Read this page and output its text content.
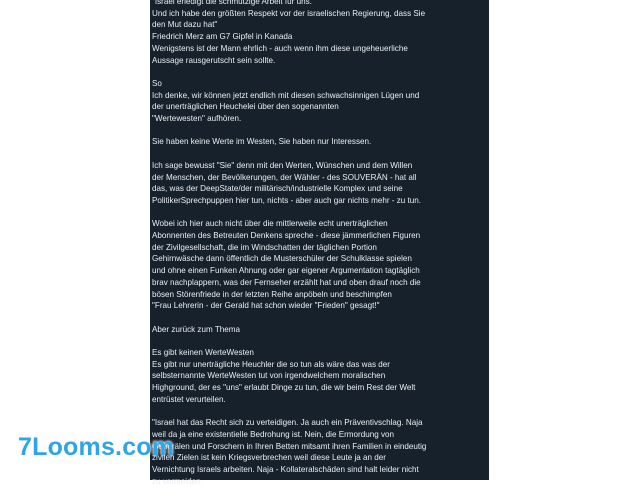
"Israel erledigt die schmutzige Arbeit für uns.
Und ich habe den größten Respekt vor der israelischen Regierung, dass Sie
den Mut dazu hat"
Friedrich Merz am G7 Gipfel in Kanada
Wenigstens ist der Mann ehrlich - auch wenn ihm diese ungeheuerliche
Aussage rausgerutscht sein sollte.

So
Ich denke, wir können jetzt endlich mit diesen schwachsinnigen Lügen und
der unerträglichen Heuchelei über den sogenannten
"Wertewesten" aufhören.

Sie haben keine Werte im Westen, Sie haben nur Interessen.

Ich sage bewusst "Sie" denn mit den Werten, Wünschen und dem Willen
der Menschen, der Bevölkerungen, der Wähler - des SOUVERÄN - hat all
das, was der DeepState/der militärisch/industrielle Komplex und seine
PolitikerSprechpuppen hier tun, nichts - aber auch gar nichts mehr - zu tun.

Wobei ich hier auch nicht über die mittlerweile echt unerträglichen
Abonnenten des Betreuten Denkens spreche - diese jämmerlichen Figuren
der Zivilgesellschaft, die im Windschatten der täglichen Portion
Gehirnwäsche dann öffentlich die Musterschüler der Schulklasse spielen
und ohne einen Funken Ahnung oder gar eigener Argumentation tagtäglich
brav nachplappern, was der Fernseher erzählt hat und oben drauf noch die
bösen Störenfriede in der letzten Reihe anpöbeln und beschimpfen
"Frau Lehrerin - der Gerald hat schon wieder "Frieden" gesagt!"

Aber zurück zum Thema

Es gibt keinen WerteWesten
Es gibt nur unerträgliche Heuchler die so tun als wäre das was der
selbsternannte WerteWesten tut von irgendwelchem moralischen
Highground, der es "uns" erlaubt Dinge zu tun, die wir beim Rest der Welt
entrüstet verurteilen.

"Israel hat das Recht sich zu verteidigen. Ja auch ein Präventivschlag. Naja
weil da ja eine existentielle Bedrohung ist. Nein, die Ermordung von
Generälen und Forschern in Ihren Betten mitsamt ihren Familien in eindeutig
zivilen Zielen ist kein Kriegsverbrechen weil diese Leute ja an der
Vernichtung Israels arbeiten. Naja - Kollateralschäden sind halt leider nicht
zu vermeiden.

7Looms.com
